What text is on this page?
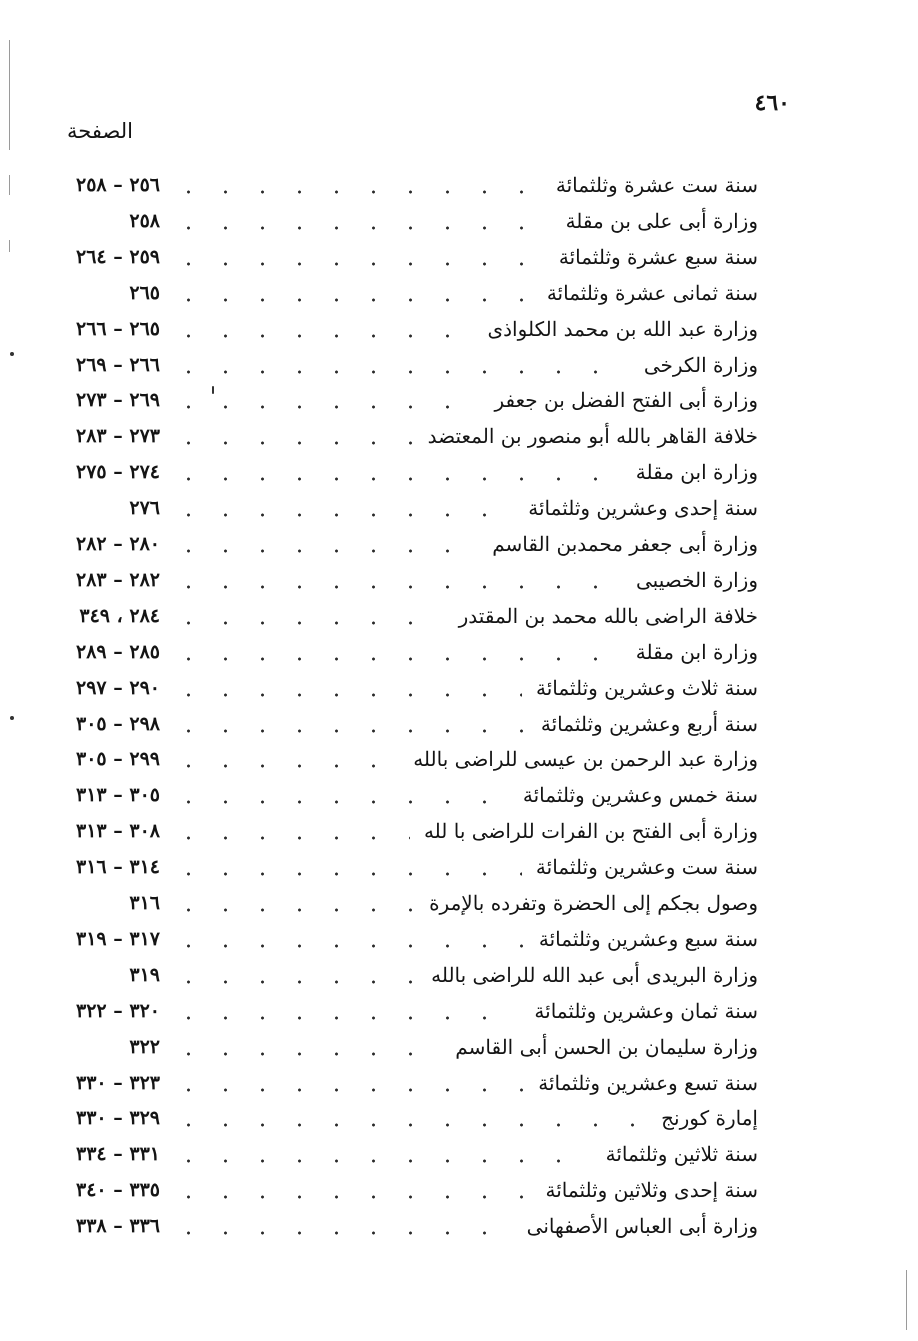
٤٦٠
الصفحة
٢٥٦ – ٢٥٨	سنة ست عشرة وثلثمائة
٢٥٨	وزارة أبى على بن مقلة
٢٥٩ – ٢٦٤	سنة سبع عشرة وثلثمائة
٢٦٥	سنة ثمانى عشرة وثلثمائة
٢٦٥ – ٢٦٦	وزارة عبد الله بن محمد الكلواذى
٢٦٦ – ٢٦٩	وزارة الكرخى
٢٦٩ – ٢٧٣	وزارة أبى الفتح الفضل بن جعفر
٢٧٣ – ٢٨٣	خلافة القاهر بالله أبو منصور بن المعتضد
٢٧٤ – ٢٧٥	وزارة ابن مقلة
٢٧٦	سنة إحدى وعشرين وثلثمائة
٢٨٠ – ٢٨٢	وزارة أبى جعفر محمدبن القاسم
٢٨٢ – ٢٨٣	وزارة الخصيبى
٢٨٤ ، ٣٤٩	خلافة الراضى بالله محمد بن المقتدر
٢٨٥ – ٢٨٩	وزارة ابن مقلة
٢٩٠ – ٢٩٧	سنة ثلاث وعشرين وثلثمائة
٢٩٨ – ٣٠٥	سنة أربع وعشرين وثلثمائة
٢٩٩ – ٣٠٥	وزارة عبد الرحمن بن عيسى للراضى بالله
٣٠٥ – ٣١٣	سنة خمس وعشرين وثلثمائة
٣٠٨ – ٣١٣	وزارة أبى الفتح بن الفرات للراضى با لله
٣١٤ – ٣١٦	سنة ست وعشرين وثلثمائة
٣١٦	وصول بجكم إلى الحضرة وتفرده بالإمرة
٣١٧ – ٣١٩	سنة سبع وعشرين وثلثمائة
٣١٩	وزارة البريدى أبى عبد الله للراضى بالله
٣٢٠ – ٣٢٢	سنة ثمان وعشرين وثلثمائة
٣٢٢	وزارة سليمان بن الحسن أبى القاسم
٣٢٣ – ٣٣٠	سنة تسع وعشرين وثلثمائة
٣٢٩ – ٣٣٠	إمارة كورنج
٣٣١ – ٣٣٤	سنة ثلاثين وثلثمائة
٣٣٥ – ٣٤٠	سنة إحدى وثلاثين وثلثمائة
٣٣٦ – ٣٣٨	وزارة أبى العباس الأصفهانى
